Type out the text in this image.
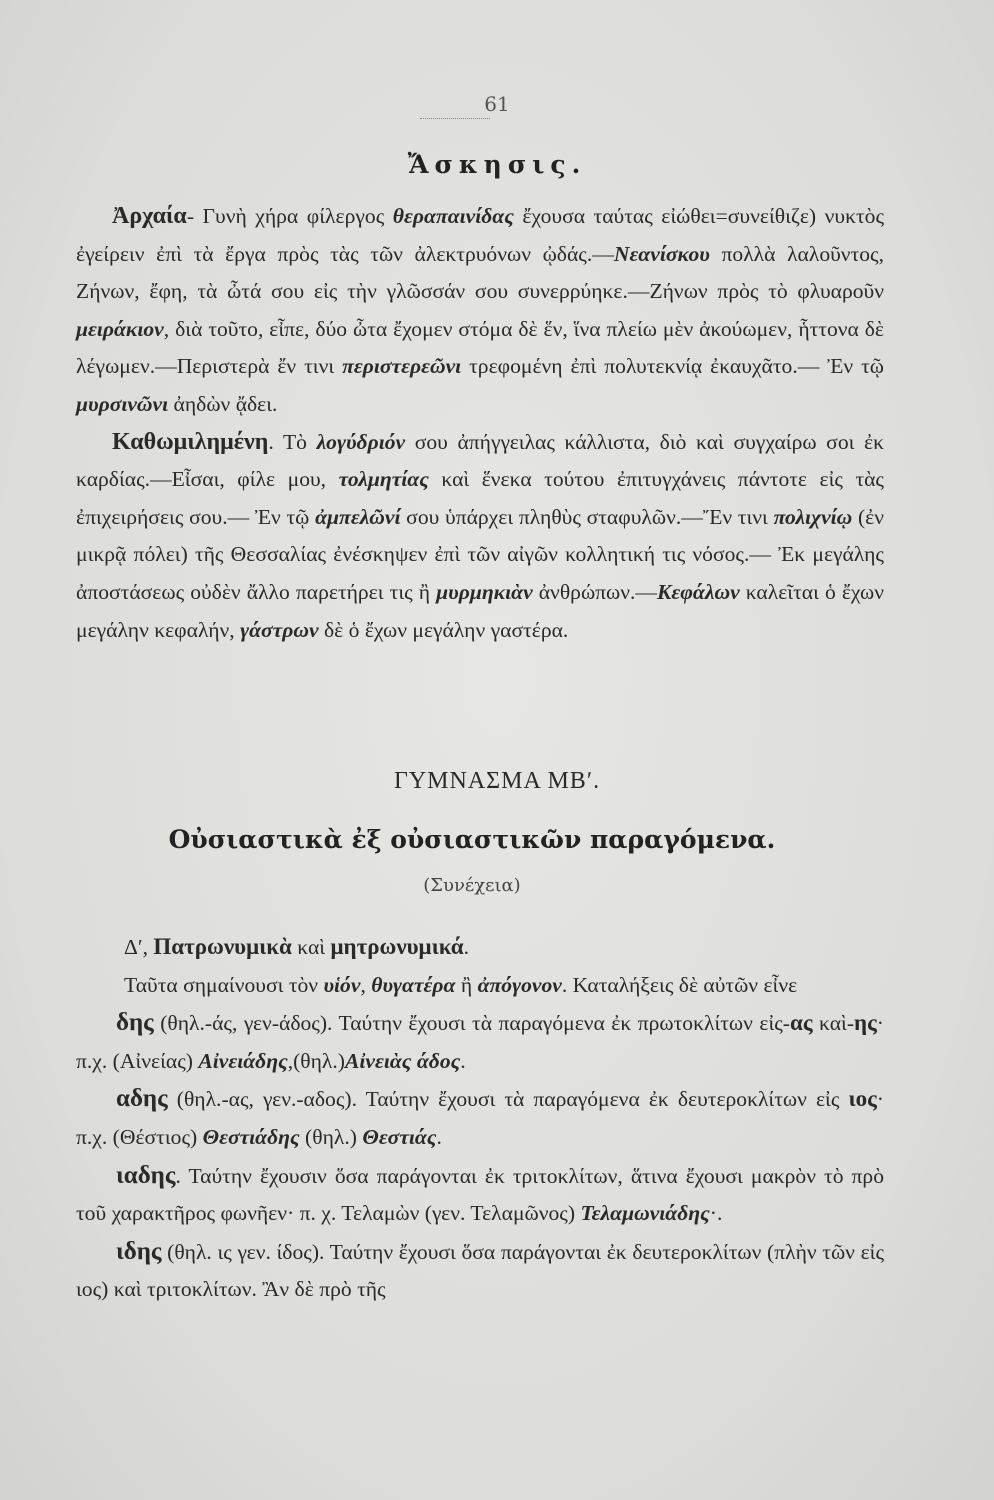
61
Ἄσκησις.

Ἀρχαία- Γυνὴ χήρα φίλεργος θεραπαινίδας ἔχουσα ταύτας εἰώθει=συνείθιζε) νυκτὸς ἐγείρειν ἐπὶ τὰ ἔργα πρὸς τὰς τῶν ἀλεκτρυόνων ᾠδάς.—Νεανίσκου πολλὰ λαλοῦντος, Ζήνων, ἔφη, τὰ ὦτά σου εἰς τὴν γλῶσσάν σου συνερρύηκε.—Ζήνων πρὸς τὸ φλυαροῦν μειράκιον, διὰ τοῦτο, εἶπε, δύο ὦτα ἔχομεν στόμα δὲ ἕν, ἵνα πλείω μὲν ἀκούωμεν, ἧττονα δὲ λέγωμεν.—Περιστερὰ ἔν τινι περιστερεῶνι τρεφομένη ἐπὶ πολυτεκνίᾳ ἐκαυχᾶτο.— Ἐν τῷ μυρσινῶνι ἀηδὼν ᾄδει.

Καθωμιλημένη. Τὸ λογύδριόν σου ἀπήγγειλας κάλλιστα, διὸ καὶ συγχαίρω σοι ἐκ καρδίας.—Εἶσαι, φίλε μου, τολμητίας καὶ ἕνεκα τούτου ἐπιτυγχάνεις πάντοτε εἰς τὰς ἐπιχειρήσεις σου.— Ἐν τῷ ἀμπελῶνί σου ὑπάρχει πληθὺς σταφυλῶν.—Ἔν τινι πολιχνίῳ (ἐν μικρᾷ πόλει) τῆς Θεσσαλίας ἐνέσκηψεν ἐπὶ τῶν αἰγῶν κολλητική τις νόσος.— Ἐκ μεγάλης ἀποστάσεως οὐδὲν ἄλλο παρετήρει τις ἢ μυρμηκιὰν ἀνθρώπων.—Κεφάλων καλεῖται ὁ ἔχων μεγάλην κεφαλήν, γάστρων δὲ ὁ ἔχων μεγάλην γαστέρα.

ΓΥΜΝΑΣΜΑ ΜΒʹ.
Οὐσιαστικὰ ἐξ οὐσιαστικῶν παραγόμενα.
(Συνέχεια)

Δʹ, Πατρωνυμικὰ καὶ μητρωνυμικά.

Ταῦτα σημαίνουσι τὸν υἱόν, θυγατέρα ἢ ἀπόγονον. Καταλήξεις δὲ αὐτῶν εἶνε

δης (θηλ.-άς, γεν-άδος). Ταύτην ἔχουσι τὰ παραγόμενα ἐκ πρωτοκλίτων εἰς-ας καὶ-ης· π.χ. (Αἰνείας) Αἰνειάδης,(θηλ.)Αἰνειὰς άδος.

αδης (θηλ.-ας, γεν.-αδος). Ταύτην ἔχουσι τὰ παραγόμενα ἐκ δευτεροκλίτων εἰς ιος· π.χ. (Θέστιος) Θεστιάδης (θηλ.) Θεστιάς.

ιαδης. Ταύτην ἔχουσιν ὅσα παράγονται ἐκ τριτοκλίτων, ἅτινα ἔχουσι μακρὸν τὸ πρὸ τοῦ χαρακτῆρος φωνῆεν· π. χ. Τελαμὼν (γεν. Τελαμῶνος) Τελαμωνιάδης·.

ιδης (θηλ. ις γεν. ίδος). Ταύτην ἔχουσι ὅσα παράγονται ἐκ δευτεροκλίτων (πλὴν τῶν εἰς ιος) καὶ τριτοκλίτων. Ἂν δὲ πρὸ τῆς
